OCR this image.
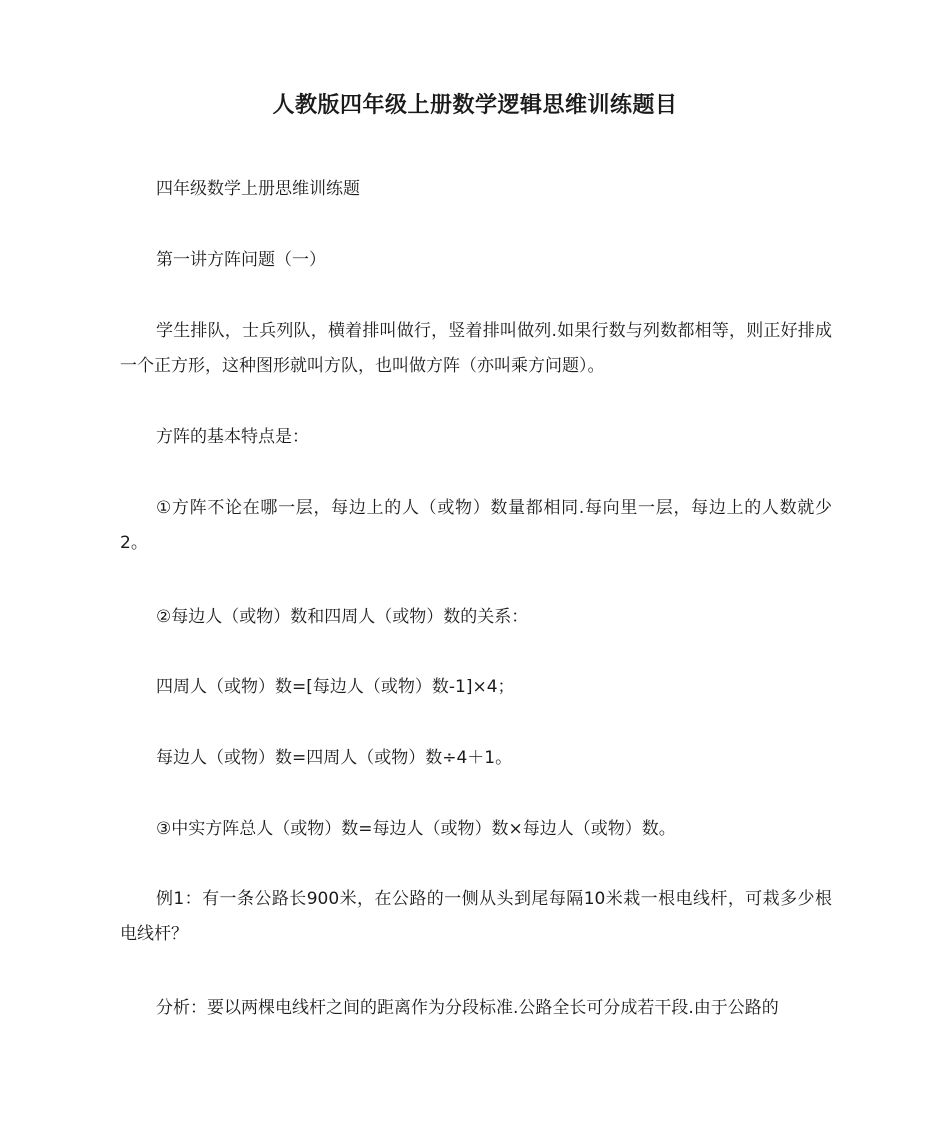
人教版四年级上册数学逻辑思维训练题目

四年级数学上册思维训练题

第一讲方阵问题（一）

学生排队，士兵列队，横着排叫做行，竖着排叫做列.如果行数与列数都相等，则正好排成一个正方形，这种图形就叫方队，也叫做方阵（亦叫乘方问题）。

方阵的基本特点是：

①方阵不论在哪一层，每边上的人（或物）数量都相同.每向里一层，每边上的人数就少2。

②每边人（或物）数和四周人（或物）数的关系：

四周人（或物）数=[每边人（或物）数-1]×4；

每边人（或物）数=四周人（或物）数÷4＋1。

③中实方阵总人（或物）数=每边人（或物）数×每边人（或物）数。

例1：有一条公路长900米，在公路的一侧从头到尾每隔10米栽一根电线杆，可栽多少根电线杆？

分析：要以两棵电线杆之间的距离作为分段标准.公路全长可分成若干段.由于公路的
